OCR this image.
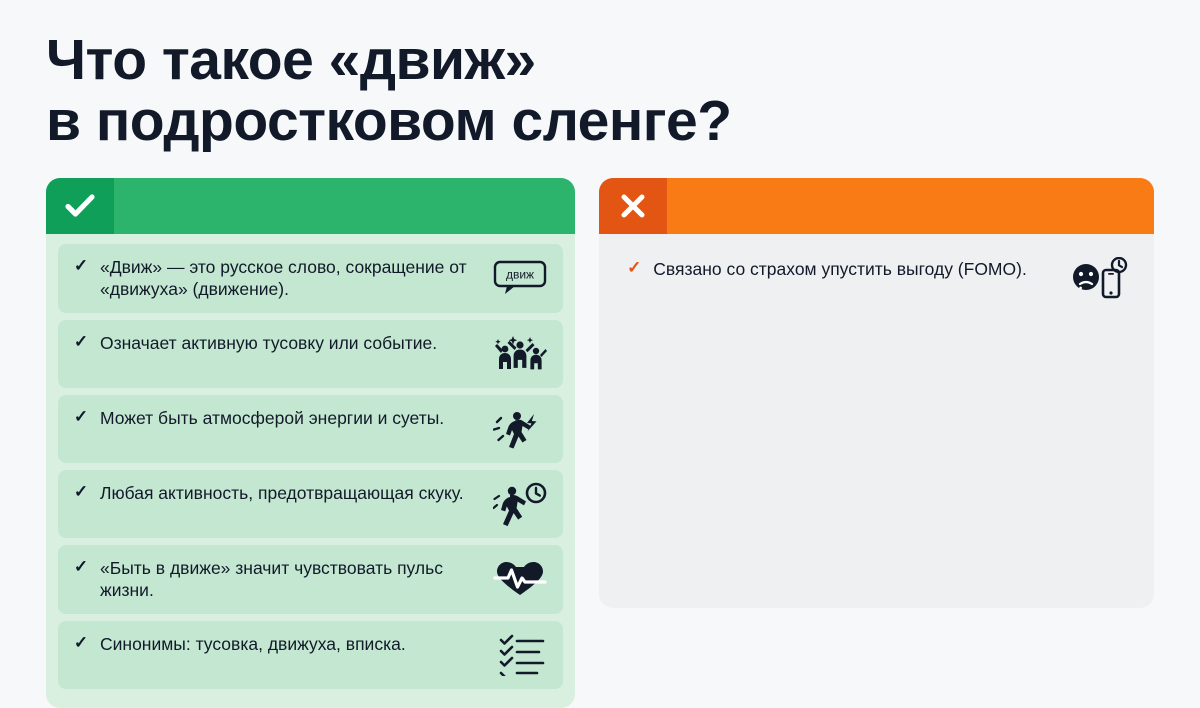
Что такое «движ»
в подростковом сленге?
✓ «Движ» — это русское слово, сокращение от «движуха» (движение).
движ
✓ Означает активную тусовку или событие.
✓ Может быть атмосферой энергии и суеты.
✓ Любая активность, предотвращающая скуку.
✓ «Быть в движе» значит чувствовать пульс жизни.
✓ Синонимы: тусовка, движуха, вписка.
✓ Связано со страхом упустить выгоду (FOMO).
